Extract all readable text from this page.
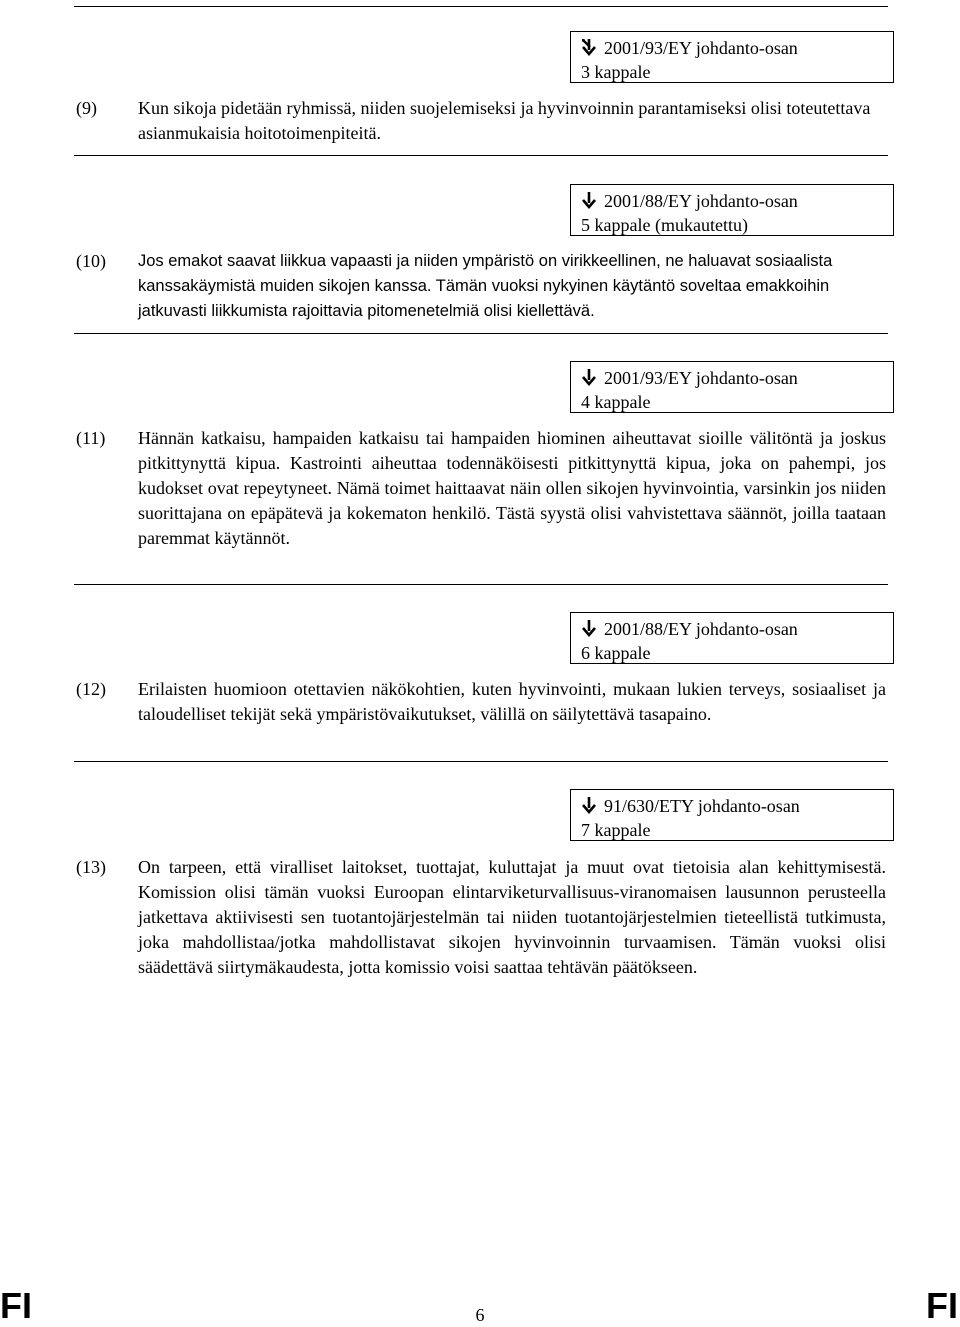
2001/93/EY johdanto-osan
3 kappale
2001/88/EY johdanto-osan
5 kappale (mukautettu)
2001/93/EY johdanto-osan
4 kappale
2001/88/EY johdanto-osan
6 kappale
91/630/ETY johdanto-osan
7 kappale
(9) Kun sikoja pidetään ryhmissä, niiden suojelemiseksi ja hyvinvoinnin parantamiseksi olisi toteutettava asianmukaisia hoitotoimenpiteitä.
(10) Jos emakot saavat liikkua vapaasti ja niiden ympäristö on virikkeellinen, ne haluavat sosiaalista kanssakäymistä muiden sikojen kanssa. Tämän vuoksi nykyinen käytäntö soveltaa emakkoihin jatkuvasti liikkumista rajoittavia pitomenetelmiä olisi kiellettävä.
(11) Hännän katkaisu, hampaiden katkaisu tai hampaiden hiominen aiheuttavat sioille välitöntä ja joskus pitkittynyttä kipua. Kastrointi aiheuttaa todennäköisesti pitkittynyttä kipua, joka on pahempi, jos kudokset ovat repeytyneet. Nämä toimet haittaavat näin ollen sikojen hyvinvointia, varsinkin jos niiden suorittajana on epäpätevä ja kokematon henkilö. Tästä syystä olisi vahvistettava säännöt, joilla taataan paremmat käytännöt.
(12) Erilaisten huomioon otettavien näkökohtien, kuten hyvinvointi, mukaan lukien terveys, sosiaaliset ja taloudelliset tekijät sekä ympäristövaikutukset, välillä on säilytettävä tasapaino.
(13) On tarpeen, että viralliset laitokset, tuottajat, kuluttajat ja muut ovat tietoisia alan kehittymisestä. Komission olisi tämän vuoksi Euroopan elintarviketurvallisuus-viranomaisen lausunnon perusteella jatkettava aktiivisesti sen tuotantojärjestelmän tai niiden tuotantojärjestelmien tieteellistä tutkimusta, joka mahdollistaa/jotka mahdollistavat sikojen hyvinvoinnin turvaamisen. Tämän vuoksi olisi säädettävä siirtymäkaudesta, jotta komissio voisi saattaa tehtävän päätökseen.
FI	6	FI
